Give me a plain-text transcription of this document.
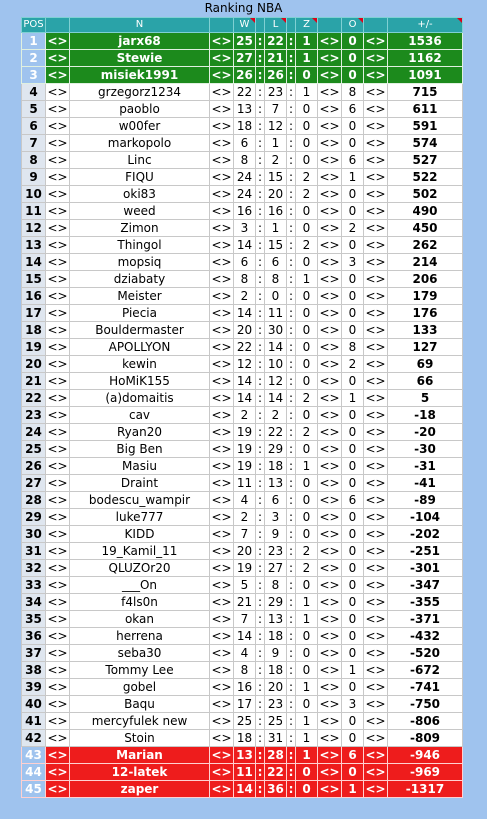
Ranking NBA
POS		N		W		L		Z		O		+/-
1	<>	jarx68	<>	25	:	22	:	1	<>	0	<>	1536
2	<>	Stewie	<>	27	:	21	:	1	<>	0	<>	1162
3	<>	misiek1991	<>	26	:	26	:	0	<>	0	<>	1091
4	<>	grzegorz1234	<>	22	:	23	:	1	<>	8	<>	715
5	<>	paoblo	<>	13	:	7	:	0	<>	6	<>	611
6	<>	w00fer	<>	18	:	12	:	0	<>	0	<>	591
7	<>	markopolo	<>	6	:	1	:	0	<>	0	<>	574
8	<>	Linc	<>	8	:	2	:	0	<>	6	<>	527
9	<>	FIQU	<>	24	:	15	:	2	<>	1	<>	522
10	<>	oki83	<>	24	:	20	:	2	<>	0	<>	502
11	<>	weed	<>	16	:	16	:	0	<>	0	<>	490
12	<>	Zimon	<>	3	:	1	:	0	<>	2	<>	450
13	<>	Thingol	<>	14	:	15	:	2	<>	0	<>	262
14	<>	mopsiq	<>	6	:	6	:	0	<>	3	<>	214
15	<>	dziabaty	<>	8	:	8	:	1	<>	0	<>	206
16	<>	Meister	<>	2	:	0	:	0	<>	0	<>	179
17	<>	Piecia	<>	14	:	11	:	0	<>	0	<>	176
18	<>	Bouldermaster	<>	20	:	30	:	0	<>	0	<>	133
19	<>	APOLLYON	<>	22	:	14	:	0	<>	8	<>	127
20	<>	kewin	<>	12	:	10	:	0	<>	2	<>	69
21	<>	HoMiK155	<>	14	:	12	:	0	<>	0	<>	66
22	<>	(a)domaitis	<>	14	:	14	:	2	<>	1	<>	5
23	<>	cav	<>	2	:	2	:	0	<>	0	<>	-18
24	<>	Ryan20	<>	19	:	22	:	2	<>	0	<>	-20
25	<>	Big Ben	<>	19	:	29	:	0	<>	0	<>	-30
26	<>	Masiu	<>	19	:	18	:	1	<>	0	<>	-31
27	<>	Draint	<>	11	:	13	:	0	<>	0	<>	-41
28	<>	bodescu_wampir	<>	4	:	6	:	0	<>	6	<>	-89
29	<>	luke777	<>	2	:	3	:	0	<>	0	<>	-104
30	<>	KIDD	<>	7	:	9	:	0	<>	0	<>	-202
31	<>	19_Kamil_11	<>	20	:	23	:	2	<>	0	<>	-251
32	<>	QLUZOr20	<>	19	:	27	:	2	<>	0	<>	-301
33	<>	___On	<>	5	:	8	:	0	<>	0	<>	-347
34	<>	f4ls0n	<>	21	:	29	:	1	<>	0	<>	-355
35	<>	okan	<>	7	:	13	:	1	<>	0	<>	-371
36	<>	herrena	<>	14	:	18	:	0	<>	0	<>	-432
37	<>	seba30	<>	4	:	9	:	0	<>	0	<>	-520
38	<>	Tommy Lee	<>	8	:	18	:	0	<>	1	<>	-672
39	<>	gobel	<>	16	:	20	:	1	<>	0	<>	-741
40	<>	Baqu	<>	17	:	23	:	0	<>	3	<>	-750
41	<>	mercyfulek new	<>	25	:	25	:	1	<>	0	<>	-806
42	<>	Stoin	<>	18	:	31	:	1	<>	0	<>	-809
43	<>	Marian	<>	13	:	28	:	1	<>	6	<>	-946
44	<>	12-latek	<>	11	:	22	:	0	<>	0	<>	-969
45	<>	zaper	<>	14	:	36	:	0	<>	1	<>	-1317
